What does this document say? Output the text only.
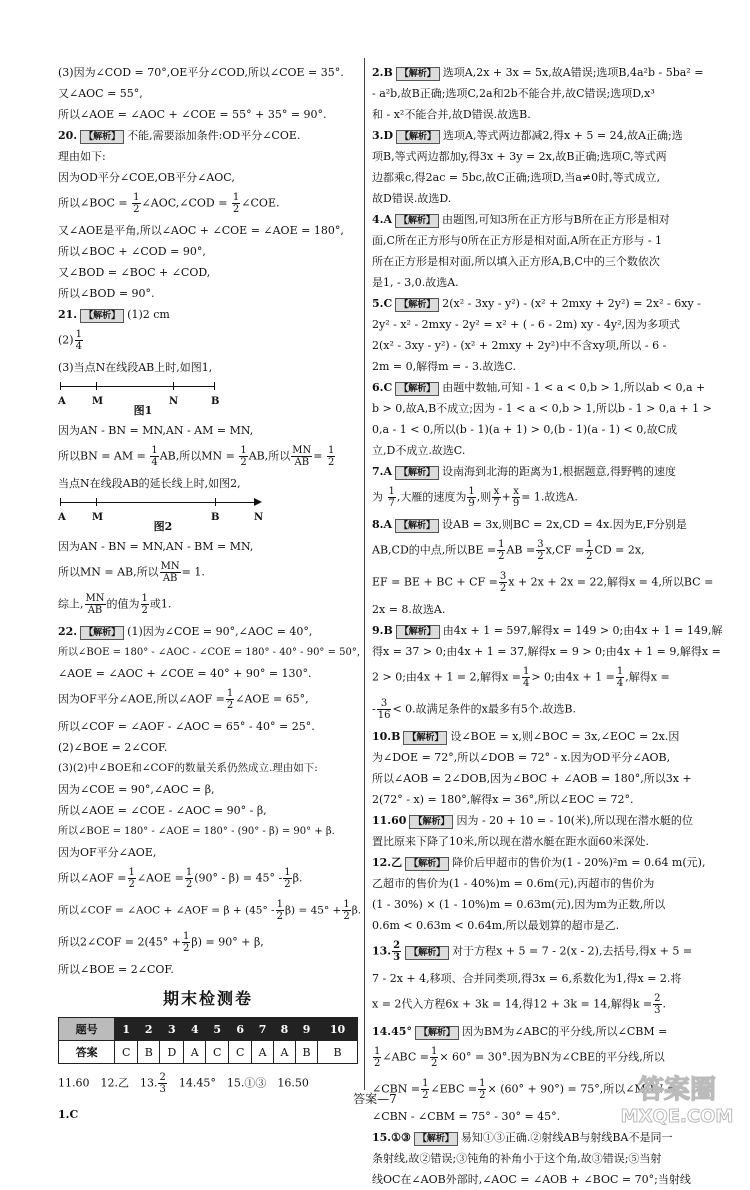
(3)因为∠COD = 70°,OE平分∠COD,所以∠COE = 35°.
又∠AOC = 55°,
所以∠AOE = ∠AOC + ∠COE = 55° + 35° = 90°.
20. 【解析】 不能,需要添加条件:OD平分∠COE.
理由如下:
因为OD平分∠COE,OB平分∠AOC,
所以∠BOC = $\frac{1}{2}$ ∠AOC,∠COD = $\frac{1}{2}$ ∠COE.
又∠AOE是平角,所以∠AOC + ∠COE = ∠AOE = 180°,
所以∠BOC + ∠COD = 90°,
又∠BOD = ∠BOC + ∠COD,
所以∠BOD = 90°.
21. 【解析】 (1)2 cm
$(2) \frac{1}{4}$
(3)当点N在线段AB上时,如图1,
A	M	N	B
图1
因为AN - BN = MN,AN - AM = MN,
所以BN = AM = $\frac{1}{4}$ AB,所以MN = $\frac{1}{2}$ AB,所以 $\frac{MN}{AB} = \frac{1}{2}$
当点N在线段AB的延长线上时,如图2,
A	M	B	N
图2
因为AN - BN = MN,AN - BM = MN,
所以MN = AB,所以 $\frac{MN}{AB} = 1$.
综上, $\frac{MN}{AB}$ 的值为 $\frac{1}{2}$ 或1.
22. 【解析】 (1)因为∠COE = 90°,∠AOC = 40°,
所以∠BOE = 180° - ∠AOC - ∠COE = 180° - 40° - 90° = 50°,
∠AOE = ∠AOC + ∠COE = 40° + 90° = 130°.
因为OF平分∠AOE,所以∠AOF = $\frac{1}{2}$ ∠AOE = 65°,
所以∠COF = ∠AOF - ∠AOC = 65° - 40° = 25°.
(2)∠BOE = 2∠COF.
(3)(2)中∠BOE和∠COF的数量关系仍然成立.理由如下:
因为∠COE = 90°,∠AOC = β,
所以∠AOE = ∠COE - ∠AOC = 90° - β,
所以∠BOE = 180° - ∠AOE = 180° - (90° - β) = 90° + β.
因为OF平分∠AOE,
所以∠AOF = $\frac{1}{2}$ ∠AOE = $\frac{1}{2} (90^\circ - \beta) = 45^\circ - \frac{1}{2} \beta$.
所以∠COF = ∠AOC + ∠AOF = $\beta + (45^\circ - \frac{1}{2} \beta) = 45^\circ + \frac{1}{2} \beta$.
所以2∠COF = $2(45^\circ + \frac{1}{2} \beta) = 90^\circ + \beta$,
所以∠BOE = 2∠COF.
期末检测卷
题号	1	2	3	4	5	6	7	8	9	10
答案	C	B	D	A	C	C	A	A	B	B
11.60　12.乙　13. $\frac{2}{3}$ 　14.45°　15.①③　16.50
1.C
2.B 【解析】 选项A,2x + 3x = 5x,故A错误;选项B,4a²b - 5ba² =
- a²b,故B正确;选项C,2a和2b不能合并,故C错误;选项D,x³
和 - x²不能合并,故D错误.故选B.
3.D 【解析】 选项A,等式两边都减2,得x + 5 = 24,故A正确;选
项B,等式两边都加y,得3x + 3y = 2x,故B正确;选项C,等式两
边都乘c,得2ac = 5bc,故C正确;选项D,当a≠0时,等式成立,
故D错误.故选D.
4.A 【解析】 由题图,可知3所在正方形与B所在正方形是相对
面,C所在正方形与0所在正方形是相对面,A所在正方形与 - 1
所在正方形是相对面,所以填入正方形A,B,C中的三个数依次
是1, - 3,0.故选A.
5.C 【解析】 2(x² - 3xy - y²) - (x² + 2mxy + 2y²) = 2x² - 6xy -
2y² - x² - 2mxy - 2y² = x² + ( - 6 - 2m) xy - 4y²,因为多项式
2(x² - 3xy - y²) - (x² + 2mxy + 2y²)中不含xy项,所以 - 6 -
2m = 0,解得m = - 3.故选C.
6.C 【解析】 由题中数轴,可知 - 1 < a < 0,b > 1,所以ab < 0,a +
b > 0,故A,B不成立;因为 - 1 < a < 0,b > 1,所以b - 1 > 0,a + 1 >
0,a - 1 < 0,所以(b - 1)(a + 1) > 0,(b - 1)(a - 1) < 0,故C成
立,D不成立.故选C.
7.A 【解析】 设南海到北海的距离为1,根据题意,得野鸭的速度
为 $\frac{1}{7}$ ,大雁的速度为 $\frac{1}{9}$ ,则 $\frac{x}{7} + \frac{x}{9} = 1$.故选A.
8.A 【解析】 设AB = 3x,则BC = 2x,CD = 4x.因为E,F分别是
AB,CD的中点,所以BE = $\frac{1}{2}$ AB = $\frac{3}{2} x,CF = \frac{1}{2}$ CD = 2x,
EF = BE + BC + CF = $\frac{3}{2}$ x + 2x + 2x = 22,解得x = 4,所以BC =
2x = 8.故选A.
9.B 【解析】 由4x + 1 = 597,解得x = 149 > 0;由4x + 1 = 149,解
得x = 37 > 0;由4x + 1 = 37,解得x = 9 > 0;由4x + 1 = 9,解得x =
2 > 0;由4x + 1 = 2,解得$x = \frac{1}{4} > 0$;由$4x + 1 = \frac{1}{4}$ ,解得x =
- $\frac{3}{16} < 0$.故满足条件的x最多有5个.故选B.
10.B 【解析】 设∠BOE = x,则∠BOC = 3x,∠EOC = 2x.因
为∠DOE = 72°,所以∠DOB = 72° - x.因为OD平分∠AOB,
所以∠AOB = 2∠DOB,因为∠BOC + ∠AOB = 180°,所以3x +
2(72° - x) = 180°,解得x = 36°,所以∠EOC = 72°.
11.60 【解析】 因为 - 20 + 10 = - 10(米),所以现在潜水艇的位
置比原来下降了10米,所以现在潜水艇在距水面60米深处.
12.乙 【解析】 降价后甲超市的售价为(1 - 20%)²m = 0.64 m(元),
乙超市的售价为(1 - 40%)m = 0.6m(元),丙超市的售价为
(1 - 30%) × (1 - 10%)m = 0.63m(元),因为m为正数,所以
0.6m < 0.63m < 0.64m,所以最划算的超市是乙.
13. $\frac{2}{3}$ 【解析】 对于方程x + 5 = 7 - 2(x - 2),去括号,得x + 5 =
7 - 2x + 4,移项、合并同类项,得3x = 6,系数化为1,得x = 2.将
x = 2代入方程6x + 3k = 14,得12 + 3k = 14,解得$k = \frac{2}{3}$ .
14.45° 【解析】 因为BM为∠ABC的平分线,所以∠CBM =
$\frac{1}{2}$ ∠ABC = $\frac{1}{2} \times 60^\circ = 30^\circ$.因为BN为∠CBE的平分线,所以
∠CBN = $\frac{1}{2}$ ∠EBC = $\frac{1}{2} \times (60^\circ + 90^\circ) = 75^\circ$,所以∠MBN =
∠CBN - ∠CBM = 75° - 30° = 45°.
15.①③ 【解析】 易知①③正确.②射线AB与射线BA不是同一
条射线,故②错误;③钝角的补角小于这个角,故③错误;⑤当射
线OC在∠AOB外部时,∠AOC = ∠AOB + ∠BOC = 70°;当射线
答案—7	答案圈
MXQE.COM
